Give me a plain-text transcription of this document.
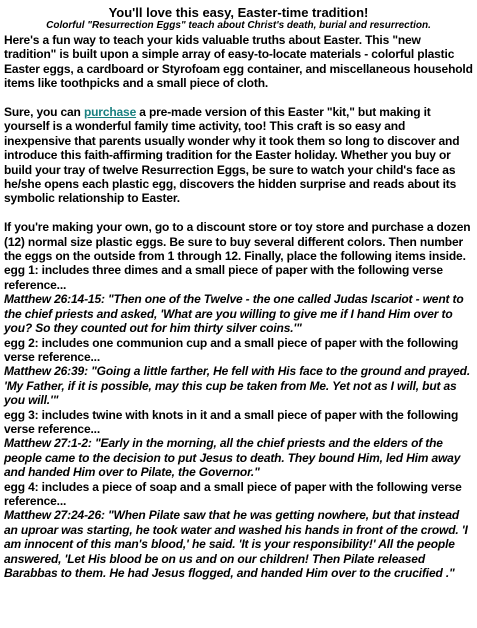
You'll love this easy, Easter-time tradition!
Colorful "Resurrection Eggs" teach about Christ's death, burial and resurrection.

Here's a fun way to teach your kids valuable truths about Easter. This "new tradition" is built upon a simple array of easy-to-locate materials - colorful plastic Easter eggs, a cardboard or Styrofoam egg container, and miscellaneous household items like toothpicks and a small piece of cloth.

Sure, you can purchase a pre-made version of this Easter "kit," but making it yourself is a wonderful family time activity, too! This craft is so easy and inexpensive that parents usually wonder why it took them so long to discover and introduce this faith-affirming tradition for the Easter holiday. Whether you buy or build your tray of twelve Resurrection Eggs, be sure to watch your child's face as he/she opens each plastic egg, discovers the hidden surprise and reads about its symbolic relationship to Easter.

If you're making your own, go to a discount store or toy store and purchase a dozen (12) normal size plastic eggs. Be sure to buy several different colors. Then number the eggs on the outside from 1 through 12. Finally, place the following items inside.

egg 1: includes three dimes and a small piece of paper with the following verse reference...
Matthew 26:14-15: "Then one of the Twelve - the one called Judas Iscariot - went to the chief priests and asked, 'What are you willing to give me if I hand Him over to you? So they counted out for him thirty silver coins.'"
egg 2: includes one communion cup and a small piece of paper with the following verse reference...
Matthew 26:39: "Going a little farther, He fell with His face to the ground and prayed. 'My Father, if it is possible, may this cup be taken from Me. Yet not as I will, but as you will.'"
egg 3: includes twine with knots in it and a small piece of paper with the following verse reference...
Matthew 27:1-2: "Early in the morning, all the chief priests and the elders of the people came to the decision to put Jesus to death. They bound Him, led Him away and handed Him over to Pilate, the Governor."
egg 4: includes a piece of soap and a small piece of paper with the following verse reference...
Matthew 27:24-26: "When Pilate saw that he was getting nowhere, but that instead an uproar was starting, he took water and washed his hands in front of the crowd. 'I am innocent of this man's blood,' he said. 'It is your responsibility!' All the people answered, 'Let His blood be on us and on our children! Then Pilate released Barabbas to them. He had Jesus flogged, and handed Him over to the crucified ."
